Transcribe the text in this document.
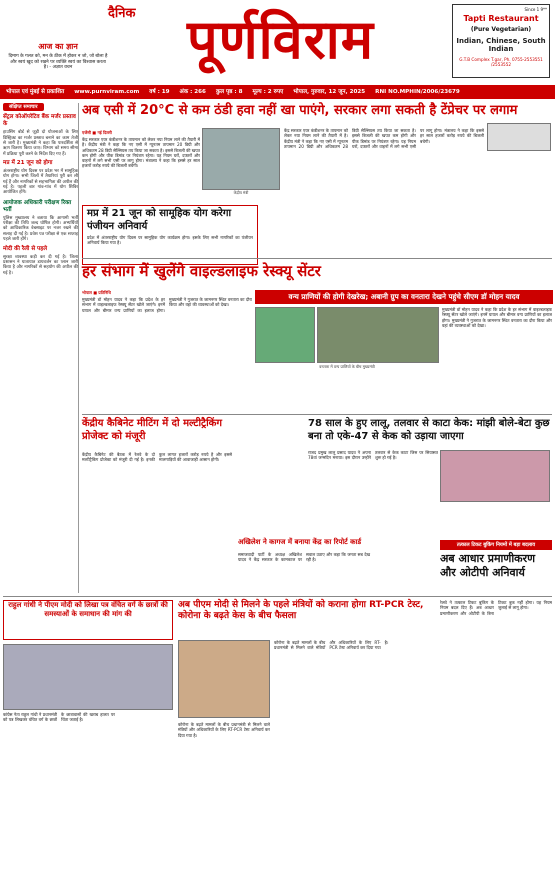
आज का ज्ञान
दिमाग के गलत को, मन के ठीक में होकर न जो, जो बोला है और स्वयं खुद को रखने पर व्यक्ति स्वयं का विश्वास करता है। - अज्ञात वचन
दैनिक पूर्णविराम	Since 1 9**
Tapti Restaurant
(Pure Vegetarian)
Indian, Chinese, South Indian
G.T.B Complex T.gar, Ph. 0755-2553551 /2553552
भोपाल एवं मुंबई से प्रकाशित www.purnviram.com वर्ष : 19 अंक : 266 कुल पृष्ठ : 8 मूल्य : 2 रुपए भोपाल, गुरुवार, 12 जून, 2025 RNI NO.MPHIN/2006/23679
संक्षिप्त समाचार
सेंट्रल कोऑपरेटिव बैंक मर्जर प्रस्ताव के
हाउसिंग बोर्ड से जुड़ी दो योजनाओं के लिए डिस्ट्रिक्ट का मर्जर प्रस्ताव बनाने का काम तेजी से जारी है। मुख्यमंत्री ने कहा कि पारदर्शिता से ऋण वितरण किया जाए। विभाग को समय सीमा में प्रक्रिया पूरी करने के निर्देश दिए गए हैं।
मप्र में 21 जून को होगा
अंतरराष्ट्रीय योग दिवस पर प्रदेश भर में सामूहिक योग होगा। सभी जिलों में तैयारियां पूरी कर ली गई हैं और नागरिकों से सहभागिता की अपील की गई है। पहली बार गांव-गांव में योग शिविर आयोजित होंगे।
आयोजक अधिकारी परीक्षण रिक्त भर्ती
पुलिस मुख्यालय ने बताया कि आगामी भर्ती परीक्षा की तिथि जल्द घोषित होगी। अभ्यर्थियों को आधिकारिक वेबसाइट पर नजर रखने की सलाह दी गई है। प्रवेश पत्र परीक्षा से एक सप्ताह पहले जारी होंगे।
मोदी की रैली से पहले
सुरक्षा व्यवस्था कड़ी कर दी गई है। जिला प्रशासन ने यातायात डायवर्जन का प्लान जारी किया है और नागरिकों से सहयोग की अपील की गई है।
अब एसी में 20°C से कम ठंडी हवा नहीं खा पाएंगे, सरकार लगा सकती है टेंप्रेचर पर लगाम
केंद्रीय मंत्री
एजेंसी ■ नई दिल्ली
केंद्र सरकार एयर कंडीशनर के तापमान को लेकर नया नियम लाने की तैयारी में है। केंद्रीय मंत्री ने कहा कि नए एसी में न्यूनतम तापमान 20 डिग्री और अधिकतम 28 डिग्री सेल्सियस तय किया जा सकता है। इससे बिजली की खपत कम होगी और पीक डिमांड पर नियंत्रण रहेगा। यह नियम घरों, दफ्तरों और वाहनों में लगे सभी एसी पर लागू होगा। मंत्रालय ने कहा कि इससे हर साल हजारों करोड़ रुपये की बिजली बचेगी।
केंद्र सरकार एयर कंडीशनर के तापमान को लेकर नया नियम लाने की तैयारी में है। केंद्रीय मंत्री ने कहा कि नए एसी में न्यूनतम तापमान 20 डिग्री और अधिकतम 28 डिग्री सेल्सियस तय किया जा सकता है। इससे बिजली की खपत कम होगी और पीक डिमांड पर नियंत्रण रहेगा। यह नियम घरों, दफ्तरों और वाहनों में लगे सभी एसी पर लागू होगा। मंत्रालय ने कहा कि इससे हर साल हजारों करोड़ रुपये की बिजली बचेगी।
मप्र में 21 जून को सामूहिक योग करेगा पंजीयन अनिवार्य
प्रदेश में अंतरराष्ट्रीय योग दिवस पर सामूहिक योग कार्यक्रम होगा। इसके लिए सभी नागरिकों का पंजीयन अनिवार्य किया गया है।
हर संभाग में खुलेंगे वाइल्डलाइफ रेस्क्यू सेंटर
वन्य प्राणियों की होगी देखरेख; अबानी ग्रुप का वनतारा देखने पहुंचे सीएम डॉ मोहन यादव
भोपाल ■ प्रतिनिधि
मुख्यमंत्री डॉ मोहन यादव ने कहा कि प्रदेश के हर संभाग में वाइल्डलाइफ रेस्क्यू सेंटर खोले जाएंगे। इनमें घायल और बीमार वन्य प्राणियों का इलाज होगा। मुख्यमंत्री ने गुजरात के जामनगर स्थित वनतारा का दौरा किया और वहां की व्यवस्थाओं को देखा।
वनतारा में वन्य प्राणियों के बीच मुख्यमंत्री
मुख्यमंत्री डॉ मोहन यादव ने कहा कि प्रदेश के हर संभाग में वाइल्डलाइफ रेस्क्यू सेंटर खोले जाएंगे। इनमें घायल और बीमार वन्य प्राणियों का इलाज होगा। मुख्यमंत्री ने गुजरात के जामनगर स्थित वनतारा का दौरा किया और वहां की व्यवस्थाओं को देखा।
केंद्रीय कैबिनेट मीटिंग में दो मल्टीट्रैकिंग प्रोजेक्ट को मंजूरी
केंद्रीय कैबिनेट की बैठक में रेलवे के दो मल्टीट्रैकिंग प्रोजेक्ट को मंजूरी दी गई है। इनकी कुल लागत हजारों करोड़ रुपये है और इससे मालगाड़ियों की आवाजाही आसान होगी।
78 साल के हुए लालू, तलवार से काटा केक: मांझी बोले-बेटा कुछ बना तो एके-47 से केक को उड़ाया जाएगा
राजद प्रमुख लालू प्रसाद यादव ने अपना 78वां जन्मदिन मनाया। इस दौरान उन्होंने तलवार से केक काटा जिस पर सियासत शुरू हो गई है।
अखिलेश ने कागज में बनाया केंद्र का रिपोर्ट कार्ड
समाजवादी पार्टी के अध्यक्ष अखिलेश यादव ने केंद्र सरकार के कामकाज पर सवाल उठाए और कहा कि जनता सब देख रही है।
तत्काल टिकट बुकिंग नियमों में बड़ा बदलाव
अब आधार प्रमाणीकरण और ओटीपी अनिवार्य
रेलवे ने तत्काल टिकट बुकिंग के नियम बदल दिए हैं। अब आधार प्रमाणीकरण और ओटीपी के बिना टिकट बुक नहीं होगा। यह नियम जुलाई से लागू होगा।
राहुल गांधी ने पीएम मोदी को लिखा पत्र वंचित वर्ग के छात्रों की समस्याओं के समाधान की मांग की
कांग्रेस नेता राहुल गांधी ने प्रधानमंत्री को पत्र लिखकर वंचित वर्ग के छात्रों के छात्रावासों की खराब हालत पर चिंता जताई है।
अब पीएम मोदी से मिलने के पहले मंत्रियों को कराना होगा RT-PCR टेस्ट, कोरोना के बढ़ते केस के बीच फैसला
कोरोना के बढ़ते मामलों के बीच प्रधानमंत्री से मिलने वाले मंत्रियों और अधिकारियों के लिए RT-PCR टेस्ट अनिवार्य कर दिया गया है।
कोरोना के बढ़ते मामलों के बीच प्रधानमंत्री से मिलने वाले मंत्रियों और अधिकारियों के लिए RT-PCR टेस्ट अनिवार्य कर दिया गया है।
